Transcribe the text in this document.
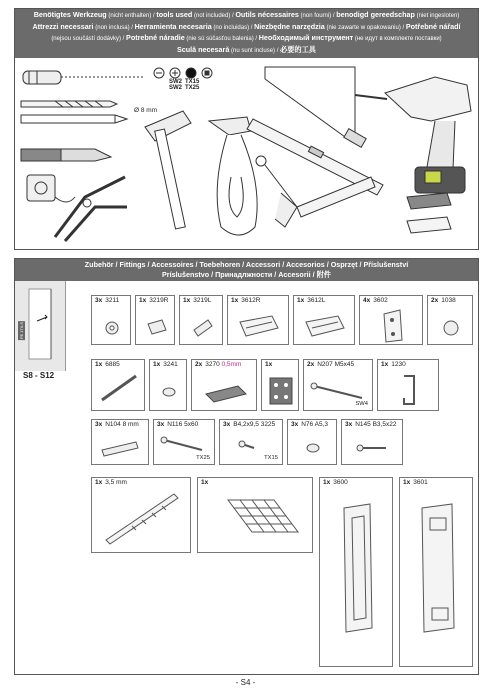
Benötigtes Werkzeug (nicht enthalten) / tools used (not included) / Outils nécessaires (non fourni) / benodigd gereedschap (niet ingesloten)
Attrezzi necessari (non inclusa) / Herramienta necesaria (no incluidas) / Niezbędne narzędzia (nie zawarte w opakowaniu) / Potřebné nářadí
(nejsou součástí dodávky) / Potrebné náradie (nie sú súčasťou balenia) / Необходимый инструмент (не идут в комплекте поставки)
Sculă necesară (nu sunt incluse) / 必要的工具
SW2 TX15
SW2 TX25
Ø 8 mm
Zubehör / Fittings / Accessoires / Toebehoren / Accessori / Accesorios / Osprzęt / Příslušenství
Príslušenstvo / Принадлжности / Accesorii / 附件
PE 1TILS
S8 - S12
3x 3211	1x 3219R 1x 3219L	1x 3612R	1x 3612L	4x 3602	2x 1038
1x 6885	1x 3241	2x 3270 0,5mm	1x	2x N207 M5x45
SW4
1x 1230
3x N104 8 mm	3x N116 5x60
TX25
3x B4,2x9,5 3225
TX15
3x N76 A5,3	3x N145 B3,5x22
1x 3,5 mm	1x	1x 3600	1x 3601
- S4 -
